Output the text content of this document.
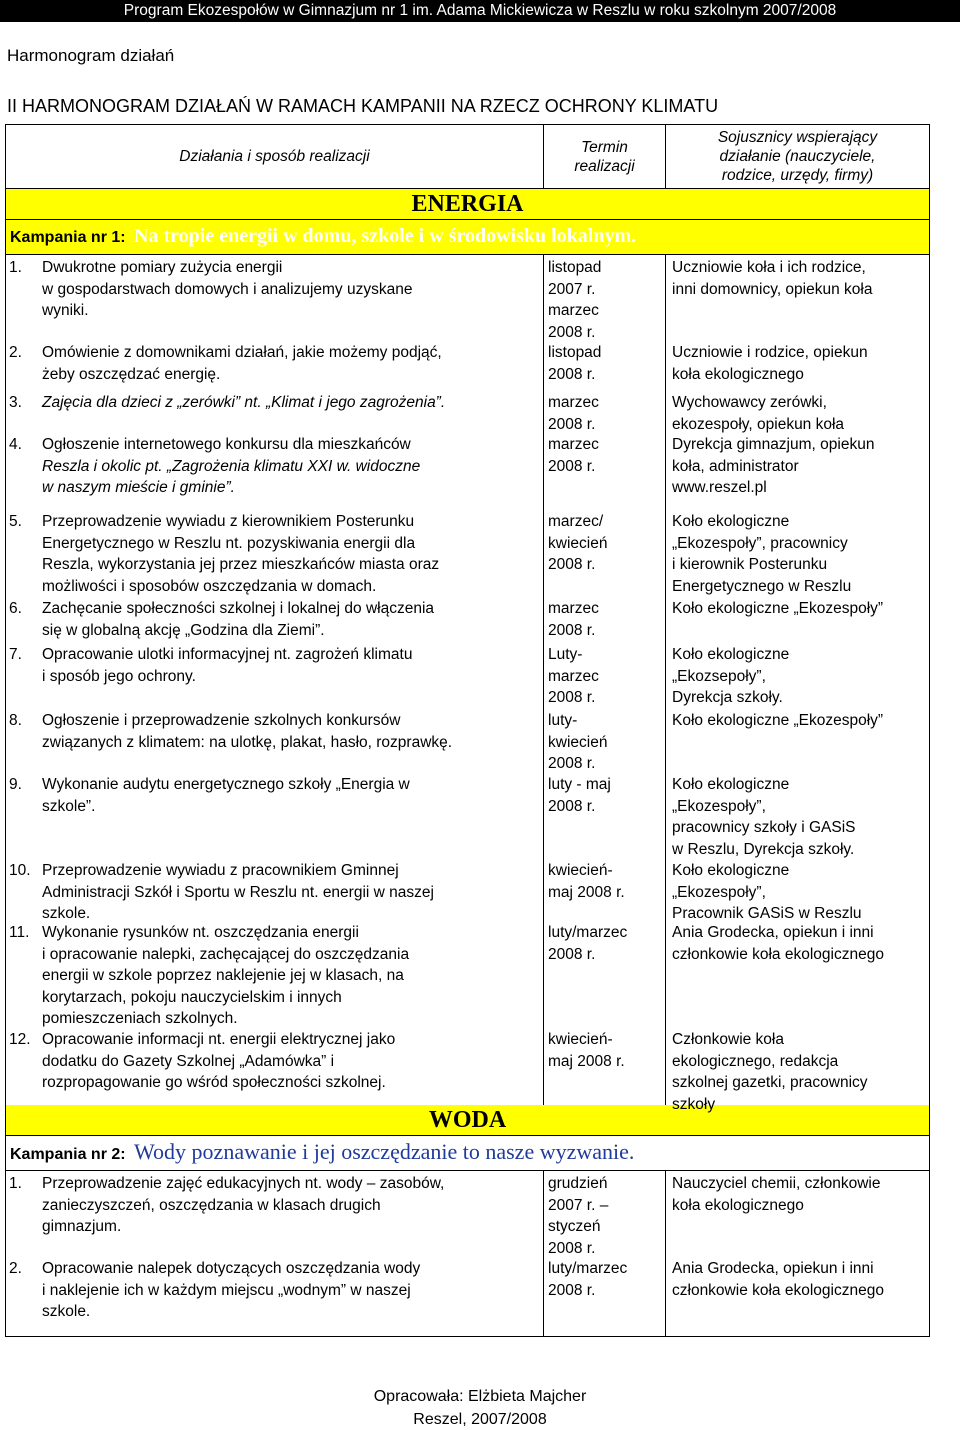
Program Ekozespołów w Gimnazjum nr 1 im. Adama Mickiewicza w Reszlu w roku szkolnym 2007/2008
Harmonogram działań
II HARMONOGRAM DZIAŁAŃ W RAMACH KAMPANII NA RZECZ OCHRONY KLIMATU
Działania i sposób realizacji
Termin
realizacji
Sojusznicy wspierający
działanie (nauczyciele,
rodzice, urzędy, firmy)
ENERGIA
Kampania nr 1: Na tropie energii w domu, szkole i w środowisku lokalnym.
1. Dwukrotne pomiary zużycia energii
w gospodarstwach domowych i analizujemy uzyskane
wyniki.
listopad
2007 r.
marzec
2008 r.
Uczniowie koła i ich rodzice,
inni domownicy, opiekun koła
2. Omówienie z domownikami działań, jakie możemy podjąć,
żeby oszczędzać energię.
listopad
2008 r.
Uczniowie i rodzice, opiekun
koła ekologicznego
3. Zajęcia dla dzieci z „zerówki” nt. „Klimat i jego zagrożenia”.	marzec
2008 r.
Wychowawcy zerówki,
ekozespoły, opiekun koła
4. Ogłoszenie internetowego konkursu dla mieszkańców
Reszla i okolic pt. „Zagrożenia klimatu XXI w. widoczne
w naszym mieście i gminie”.
marzec
2008 r.
Dyrekcja gimnazjum, opiekun
koła, administrator
www.reszel.pl
5. Przeprowadzenie wywiadu z kierownikiem Posterunku
Energetycznego w Reszlu nt. pozyskiwania energii dla
Reszla, wykorzystania jej przez mieszkańców miasta oraz
możliwości i sposobów oszczędzania w domach.
marzec/
kwiecień
2008 r.
Koło ekologiczne
„Ekozespoły”, pracownicy
i kierownik Posterunku
Energetycznego w Reszlu
6. Zachęcanie społeczności szkolnej i lokalnej do włączenia
się w globalną akcję „Godzina dla Ziemi”.
marzec
2008 r.
Koło ekologiczne „Ekozespoły”
7. Opracowanie ulotki informacyjnej nt. zagrożeń klimatu
i sposób jego ochrony.
Luty-
marzec
2008 r.
Koło ekologiczne
„Ekozsepoły”,
Dyrekcja szkoły.
8. Ogłoszenie i przeprowadzenie szkolnych konkursów
związanych z klimatem: na ulotkę, plakat, hasło, rozprawkę.
luty-
kwiecień
2008 r.
Koło ekologiczne „Ekozespoły”
9. Wykonanie audytu energetycznego szkoły „Energia w
szkole”.
luty - maj
2008 r.
Koło ekologiczne
„Ekozespoły”,
pracownicy szkoły i GASiS
w Reszlu, Dyrekcja szkoły.
10. Przeprowadzenie wywiadu z pracownikiem Gminnej
Administracji Szkół i Sportu w Reszlu nt. energii w naszej
szkole.
kwiecień-
maj 2008 r.
Koło ekologiczne
„Ekozespoły”,
Pracownik GASiS w Reszlu
11. Wykonanie rysunków nt. oszczędzania energii
i opracowanie nalepki, zachęcającej do oszczędzania
energii w szkole poprzez naklejenie jej w klasach, na
korytarzach, pokoju nauczycielskim i innych
pomieszczeniach szkolnych.
luty/marzec
2008 r.
Ania Grodecka, opiekun i inni
członkowie koła ekologicznego
12. Opracowanie informacji nt. energii elektrycznej jako
dodatku do Gazety Szkolnej „Adamówka” i
rozpropagowanie go wśród społeczności szkolnej.
kwiecień-
maj 2008 r.
Członkowie koła
ekologicznego, redakcja
szkolnej gazetki, pracownicy
szkoły
WODA
Kampania nr 2: Wody poznawanie i jej oszczędzanie to nasze wyzwanie.
1. Przeprowadzenie zajęć edukacyjnych nt. wody – zasobów,
zanieczyszczeń, oszczędzania w klasach drugich
gimnazjum.
grudzień
2007 r. –
styczeń
2008 r.
Nauczyciel chemii, członkowie
koła ekologicznego
2. Opracowanie nalepek dotyczących oszczędzania wody
i naklejenie ich w każdym miejscu „wodnym” w naszej
szkole.
luty/marzec
2008 r.
Ania Grodecka, opiekun i inni
członkowie koła ekologicznego
Opracowała: Elżbieta Majcher
Reszel, 2007/2008
